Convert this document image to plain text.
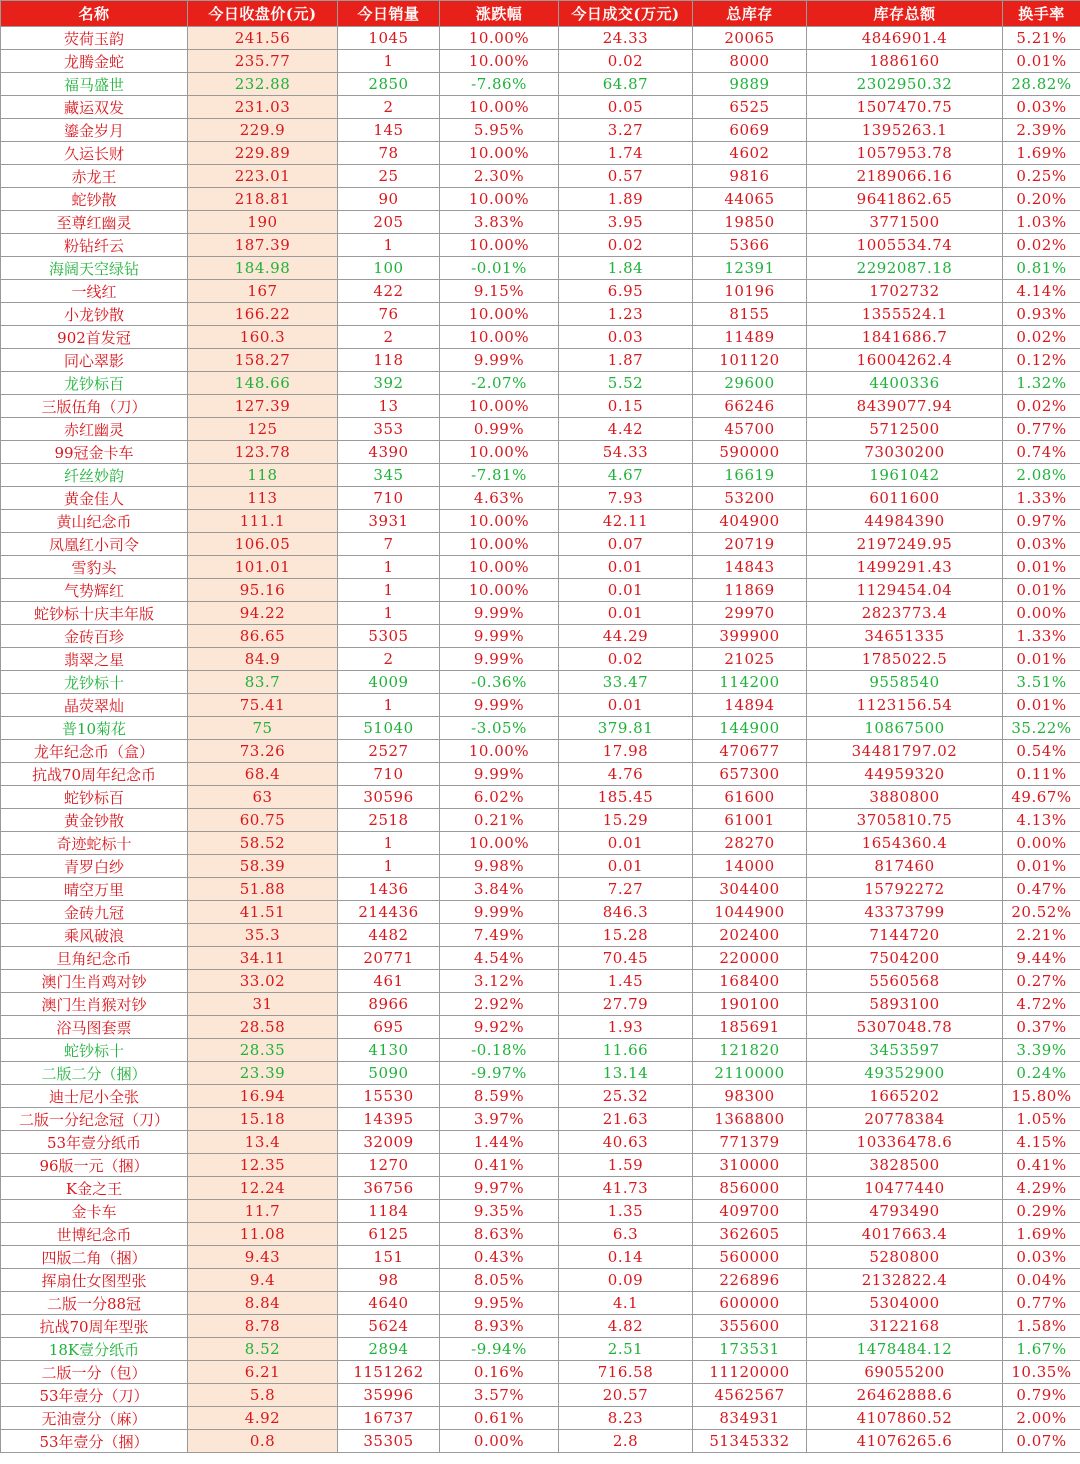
名称	今日收盘价(元)	今日销量	涨跌幅	今日成交(万元)	总库存	库存总额	换手率
荧荷玉韵	241.56	1045	10.00%	24.33	20065	4846901.4	5.21%
龙腾金蛇	235.77	1	10.00%	0.02	8000	1886160	0.01%
福马盛世	232.88	2850	-7.86%	64.87	9889	2302950.32	28.82%
藏运双发	231.03	2	10.00%	0.05	6525	1507470.75	0.03%
鎏金岁月	229.9	145	5.95%	3.27	6069	1395263.1	2.39%
久运长财	229.89	78	10.00%	1.74	4602	1057953.78	1.69%
赤龙王	223.01	25	2.30%	0.57	9816	2189066.16	0.25%
蛇钞散	218.81	90	10.00%	1.89	44065	9641862.65	0.20%
至尊红幽灵	190	205	3.83%	3.95	19850	3771500	1.03%
粉钻纤云	187.39	1	10.00%	0.02	5366	1005534.74	0.02%
海阔天空绿钻	184.98	100	-0.01%	1.84	12391	2292087.18	0.81%
一线红	167	422	9.15%	6.95	10196	1702732	4.14%
小龙钞散	166.22	76	10.00%	1.23	8155	1355524.1	0.93%
902首发冠	160.3	2	10.00%	0.03	11489	1841686.7	0.02%
同心翠影	158.27	118	9.99%	1.87	101120	16004262.4	0.12%
龙钞标百	148.66	392	-2.07%	5.52	29600	4400336	1.32%
三版伍角（刀）	127.39	13	10.00%	0.15	66246	8439077.94	0.02%
赤红幽灵	125	353	0.99%	4.42	45700	5712500	0.77%
99冠金卡车	123.78	4390	10.00%	54.33	590000	73030200	0.74%
纤丝妙韵	118	345	-7.81%	4.67	16619	1961042	2.08%
黄金佳人	113	710	4.63%	7.93	53200	6011600	1.33%
黄山纪念币	111.1	3931	10.00%	42.11	404900	44984390	0.97%
凤凰红小司令	106.05	7	10.00%	0.07	20719	2197249.95	0.03%
雪豹头	101.01	1	10.00%	0.01	14843	1499291.43	0.01%
气势辉红	95.16	1	10.00%	0.01	11869	1129454.04	0.01%
蛇钞标十庆丰年版	94.22	1	9.99%	0.01	29970	2823773.4	0.00%
金砖百珍	86.65	5305	9.99%	44.29	399900	34651335	1.33%
翡翠之星	84.9	2	9.99%	0.02	21025	1785022.5	0.01%
龙钞标十	83.7	4009	-0.36%	33.47	114200	9558540	3.51%
晶荧翠灿	75.41	1	9.99%	0.01	14894	1123156.54	0.01%
普10菊花	75	51040	-3.05%	379.81	144900	10867500	35.22%
龙年纪念币（盒）	73.26	2527	10.00%	17.98	470677	34481797.02	0.54%
抗战70周年纪念币	68.4	710	9.99%	4.76	657300	44959320	0.11%
蛇钞标百	63	30596	6.02%	185.45	61600	3880800	49.67%
黄金钞散	60.75	2518	0.21%	15.29	61001	3705810.75	4.13%
奇迹蛇标十	58.52	1	10.00%	0.01	28270	1654360.4	0.00%
青罗白纱	58.39	1	9.98%	0.01	14000	817460	0.01%
晴空万里	51.88	1436	3.84%	7.27	304400	15792272	0.47%
金砖九冠	41.51	214436	9.99%	846.3	1044900	43373799	20.52%
乘风破浪	35.3	4482	7.49%	15.28	202400	7144720	2.21%
旦角纪念币	34.11	20771	4.54%	70.45	220000	7504200	9.44%
澳门生肖鸡对钞	33.02	461	3.12%	1.45	168400	5560568	0.27%
澳门生肖猴对钞	31	8966	2.92%	27.79	190100	5893100	4.72%
浴马图套票	28.58	695	9.92%	1.93	185691	5307048.78	0.37%
蛇钞标十	28.35	4130	-0.18%	11.66	121820	3453597	3.39%
二版二分（捆）	23.39	5090	-9.97%	13.14	2110000	49352900	0.24%
迪士尼小全张	16.94	15530	8.59%	25.32	98300	1665202	15.80%
二版一分纪念冠（刀）	15.18	14395	3.97%	21.63	1368800	20778384	1.05%
53年壹分纸币	13.4	32009	1.44%	40.63	771379	10336478.6	4.15%
96版一元（捆）	12.35	1270	0.41%	1.59	310000	3828500	0.41%
K金之王	12.24	36756	9.97%	41.73	856000	10477440	4.29%
金卡车	11.7	1184	9.35%	1.35	409700	4793490	0.29%
世博纪念币	11.08	6125	8.63%	6.3	362605	4017663.4	1.69%
四版二角（捆）	9.43	151	0.43%	0.14	560000	5280800	0.03%
挥扇仕女图型张	9.4	98	8.05%	0.09	226896	2132822.4	0.04%
二版一分88冠	8.84	4640	9.95%	4.1	600000	5304000	0.77%
抗战70周年型张	8.78	5624	8.93%	4.82	355600	3122168	1.58%
18K壹分纸币	8.52	2894	-9.94%	2.51	173531	1478484.12	1.67%
二版一分（包）	6.21	1151262	0.16%	716.58	11120000	69055200	10.35%
53年壹分（刀）	5.8	35996	3.57%	20.57	4562567	26462888.6	0.79%
无油壹分（麻）	4.92	16737	0.61%	8.23	834931	4107860.52	2.00%
53年壹分（捆）	0.8	35305	0.00%	2.8	51345332	41076265.6	0.07%
